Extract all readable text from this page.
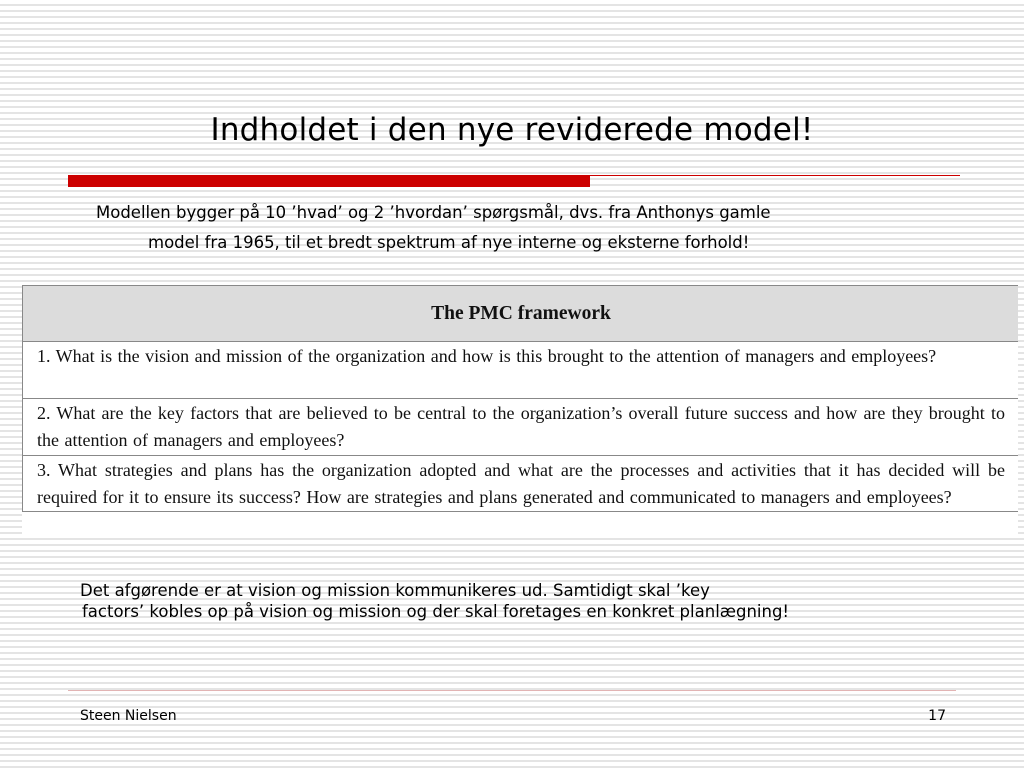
Indholdet i den nye reviderede model!
Modellen bygger på 10 ’hvad’ og 2 ’hvordan’ spørgsmål, dvs. fra Anthonys gamle
model fra 1965, til et bredt spektrum af nye interne og eksterne forhold!
The PMC framework
1. What is the vision and mission of the organization and how is this brought to the attention of managers and employees?
2. What are the key factors that are believed to be central to the organization’s overall future success and how are they brought to the attention of managers and employees?
3. What strategies and plans has the organization adopted and what are the processes and activities that it has decided will be required for it to ensure its success? How are strategies and plans generated and communicated to managers and employees?
Det afgørende er at vision og mission kommunikeres ud. Samtidigt skal ’key
factors’ kobles op på vision og mission og der skal foretages en konkret planlægning!
Steen Nielsen	17
